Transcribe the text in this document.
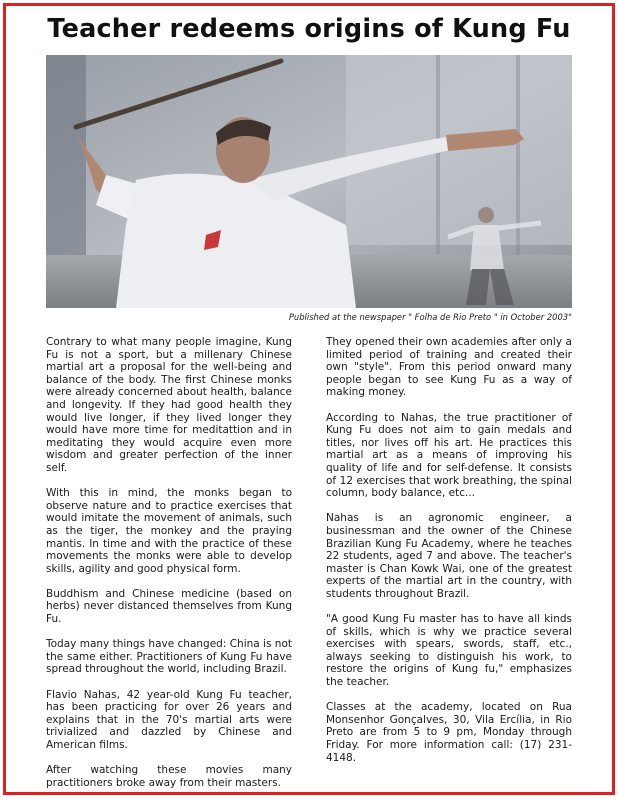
Teacher redeems origins of Kung Fu
Published at the newspaper " Folha de Rio Preto " in October 2003"

Contrary to what many people imagine, Kung Fu is not a sport, but a millenary Chinese martial art a proposal for the well-being and balance of the body. The first Chinese monks were already concerned about health, balance and longevity. If they had good health they would live longer, if they lived longer they would have more time for meditattion and in meditating they would acquire even more wisdom and greater perfection of the inner self.

With this in mind, the monks began to observe nature and to practice exercises that would imitate the movement of animals, such as the tiger, the monkey and the praying mantis. In time and with the practice of these movements the monks were able to develop skills, agility and good physical form.

Buddhism and Chinese medicine (based on herbs) never distanced themselves from Kung Fu.

Today many things have changed: China is not the same either. Practitioners of Kung Fu have spread throughout the world, including Brazil.

Flavio Nahas, 42 year-old Kung Fu teacher, has been practicing for over 26 years and explains that in the 70's martial arts were trivialized and dazzled by Chinese and American films.

After watching these movies many practitioners broke away from their masters.

They opened their own academies after only a limited period of training and created their own "style". From this period onward many people began to see Kung Fu as a way of making money.

According to Nahas, the true practitioner of Kung Fu does not aim to gain medals and titles, nor lives off his art. He practices this martial art as a means of improving his quality of life and for self-defense. It consists of 12 exercises that work breathing, the spinal column, body balance, etc...

Nahas is an agronomic engineer, a businessman and the owner of the Chinese Brazilian Kung Fu Academy, where he teaches 22 students, aged 7 and above. The teacher's master is Chan Kowk Wai, one of the greatest experts of the martial art in the country, with students throughout Brazil.

"A good Kung Fu master has to have all kinds of skills, which is why we practice several exercises with spears, swords, staff, etc., always seeking to distinguish his work, to restore the origins of Kung fu," emphasizes the teacher.

Classes at the academy, located on Rua Monsenhor Gonçalves, 30, Vila Ercília, in Rio Preto are from 5 to 9 pm, Monday through Friday. For more information call: (17) 231-4148.
